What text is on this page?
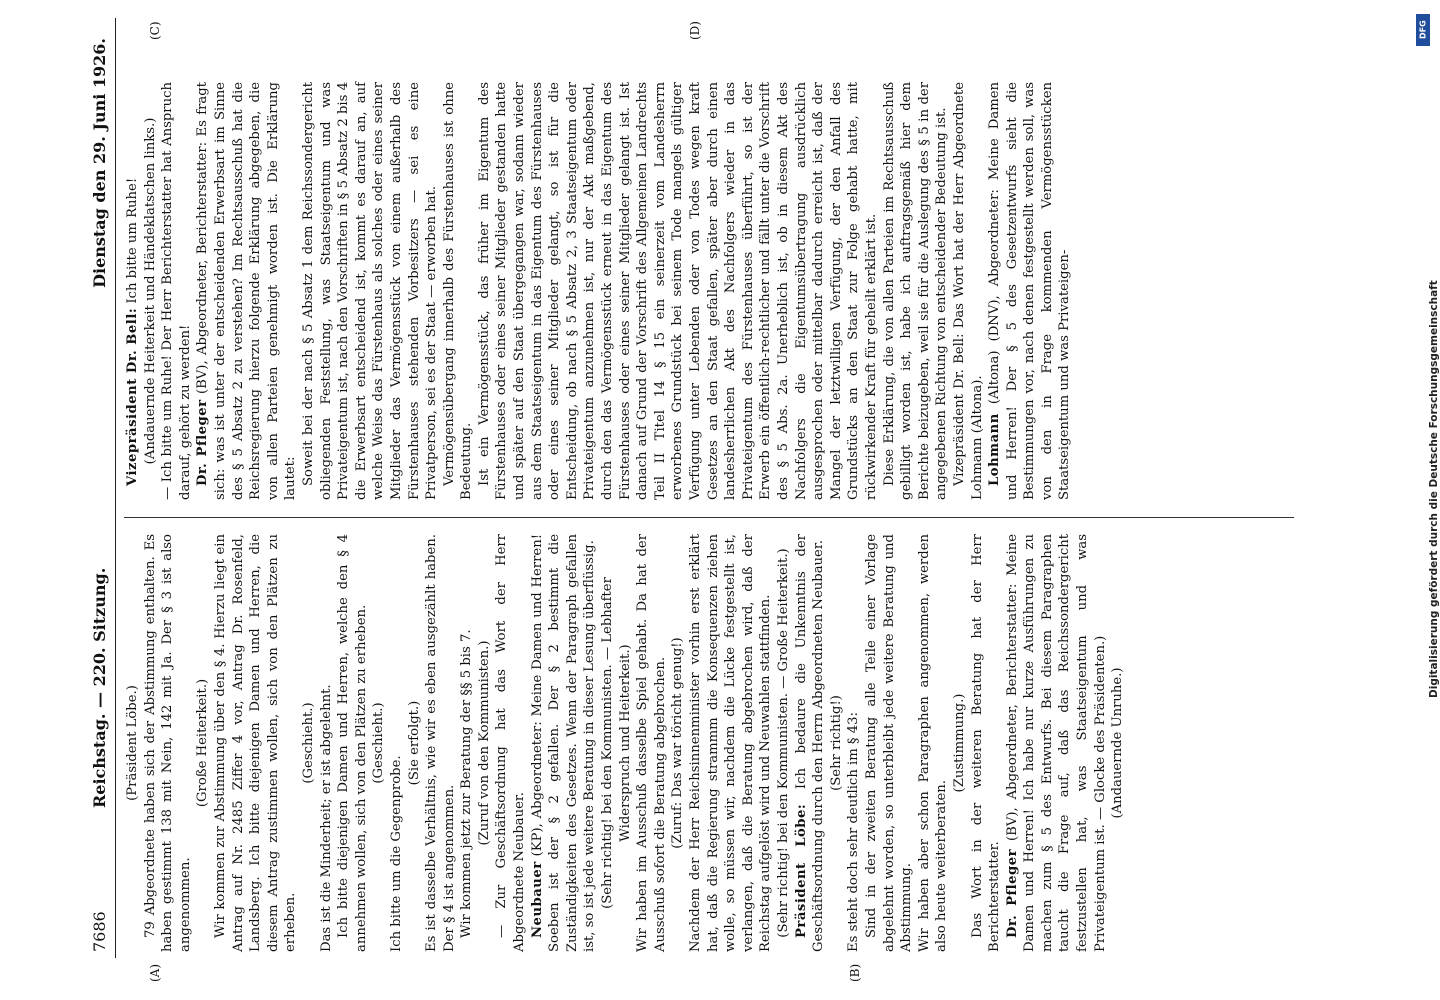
7686
Reichstag. — 220. Sitzung.
Dienstag den 29. Juni 1926.

(Präsident Löbe.) 79 Abgeordnete haben sich der Abstimmung enthalten. Es haben gestimmt 138 mit Nein, 142 mit Ja. Der § 3 ist also angenommen.

(Große Heiterkeit.) Wir kommen zur Abstimmung über den § 4. Hierzu liegt ein Antrag auf Nr. 2485 Ziffer 4 vor, Antrag Dr. Rosenfeld, Landsberg. Ich bitte diejenigen Damen und Herren, die diesem Antrag zustimmen wollen, sich von den Plätzen zu erheben.

(Geschieht.) Das ist die Minderheit; er ist abgelehnt. Ich bitte diejenigen Damen und Herren, welche den § 4 annehmen wollen, sich von den Plätzen zu erheben. (Geschieht.)

Ich bitte um die Gegenprobe.

(Sie erfolgt.) Es ist dasselbe Verhältnis, wie wir es eben ausgezählt haben. Der § 4 ist angenommen. Wir kommen jetzt zur Beratung der §§ 5 bis 7. (Zuruf von den Kommunisten.) — Zur Geschäftsordnung hat das Wort der Herr Abgeordnete Neubauer. Neubauer (KP), Abgeordneter: Meine Damen und Herren! Soeben ist der § 2 gefallen. Der § 2 bestimmt die Zuständigkeiten des Gesetzes. Wenn der Paragraph gefallen ist, so ist jede weitere Beratung in dieser Lesung überflüssig. (Sehr richtig! bei den Kommunisten. — Lebhafter Widerspruch und Heiterkeit.) Wir haben im Ausschuß dasselbe Spiel gehabt. Da hat der Ausschuß sofort die Beratung abgebrochen. (Zuruf: Das war töricht genug!) Nachdem der Herr Reichsinnenminister vorhin erst erklärt hat, daß die Regierung strammm die Konsequenzen ziehen wolle, so müssen wir, nachdem die Lücke festgestellt ist, verlangen, daß die Beratung abgebrochen wird, daß der Reichstag aufgelöst wird und Neuwahlen stattfinden. (Sehr richtig! bei den Kommunisten. — Große Heiterkeit.) Präsident Löbe: Ich bedaure die Unkenntnis der Geschäftsordnung durch den Herrn Abgeordneten Neubauer. (Sehr richtig!) Es steht doch sehr deutlich im § 43: Sind in der zweiten Beratung alle Teile einer Vorlage abgelehnt worden, so unterbleibt jede weitere Beratung und Abstimmung. Wir haben aber schon Paragraphen angenommen, werden also heute weiterberaten.

(Zustimmung.) Das Wort in der weiteren Beratung hat der Herr Berichterstatter. Dr. Pfleger (BV), Abgeordneter, Berichterstatter: Meine Damen und Herren! Ich habe nur kurze Ausführungen zu machen zum § 5 des Entwurfs. Bei diesem Paragraphen taucht die Frage auf, daß das Reichssondergericht festzustellen hat, was Staatseigentum und was Privateigentum ist. — Glocke des Präsidenten.) (Andauernde Unruhe.)

Vizepräsident Dr. Bell: Ich bitte um Ruhe! (Andauernde Heiterkeit und Händeklatschen links.) — Ich bitte um Ruhe! Der Herr Berichterstatter hat Anspruch darauf, gehört zu werden! Dr. Pfleger (BV), Abgeordneter, Berichterstatter: Es fragt sich: was ist unter der entscheidenden Erwerbsart im Sinne des § 5 Absatz 2 zu verstehen? Im Rechtsausschuß hat die Reichsregierung hierzu folgende Erklärung abgegeben, die von allen Parteien genehmigt worden ist. Die Erklärung lautet: Soweit bei der nach § 5 Absatz 1 dem Reichssondergericht obliegenden Feststellung, was Staatseigentum und was Privateigentum ist, nach den Vorschriften in § 5 Absatz 2 bis 4 die Erwerbsart entscheidend ist, kommt es darauf an, auf welche Weise das Fürstenhaus als solches oder eines seiner Mitglieder das Vermögensstück von einem außerhalb des Fürstenhauses stehenden Vorbesitzers — sei es eine Privatperson, sei es der Staat — erworben hat. Vermögensübergang innerhalb des Fürstenhauses ist ohne Bedeutung. Ist ein Vermögensstück, das früher im Eigentum des Fürstenhauses oder eines seiner Mitglieder gestanden hatte und später auf den Staat übergegangen war, sodann wieder aus dem Staatseigentum in das Eigentum des Fürstenhauses oder eines seiner Mitglieder gelangt, so ist für die Entscheidung, ob nach § 5 Absatz 2, 3 Staatseigentum oder Privateigentum anzunehmen ist, nur der Akt maßgebend, durch den das Vermögensstück erneut in das Eigentum des Fürstenhauses oder eines seiner Mitglieder gelangt ist. Ist danach auf Grund der Vorschrift des Allgemeinen Landrechts Teil II Titel 14 § 15 ein seinerzeit vom Landesherrn erworbenes Grundstück bei seinem Tode mangels gültiger Verfügung unter Lebenden oder von Todes wegen kraft Gesetzes an den Staat gefallen, später aber durch einen landesherrlichen Akt des Nachfolgers wieder in das Privateigentum des Fürstenhauses überführt, so ist der Erwerb ein öffentlich-rechtlicher und fällt unter die Vorschrift des § 5 Abs. 2a. Unerheblich ist, ob in diesem Akt des Nachfolgers die Eigentumsübertragung ausdrücklich ausgesprochen oder mittelbar dadurch erreicht ist, daß der Mangel der letztwilligen Verfügung, der den Anfall des Grundstücks an den Staat zur Folge gehabt hatte, mit rückwirkender Kraft für geheilt erklärt ist. Diese Erklärung, die von allen Parteien im Rechtsausschuß gebilligt worden ist, habe ich auftragsgemäß hier dem Berichte beizugeben, weil sie für die Auslegung des § 5 in der angegebenen Richtung von entscheidender Bedeutung ist. Vizepräsident Dr. Bell: Das Wort hat der Herr Abgeordnete Lohmann (Altona). Lohmann (Altona) (DNV), Abgeordneter: Meine Damen und Herren! Der § 5 des Gesetzentwurfs sieht die Bestimmungen vor, nach denen festgestellt werden soll, was von den in Frage kommenden Vermögensstücken Staatseigentum und was Privateigen-

(A)	(B)
(C)	(D)	DFG
Digitalisierung gefördert durch die Deutsche Forschungsgemeinschaft
